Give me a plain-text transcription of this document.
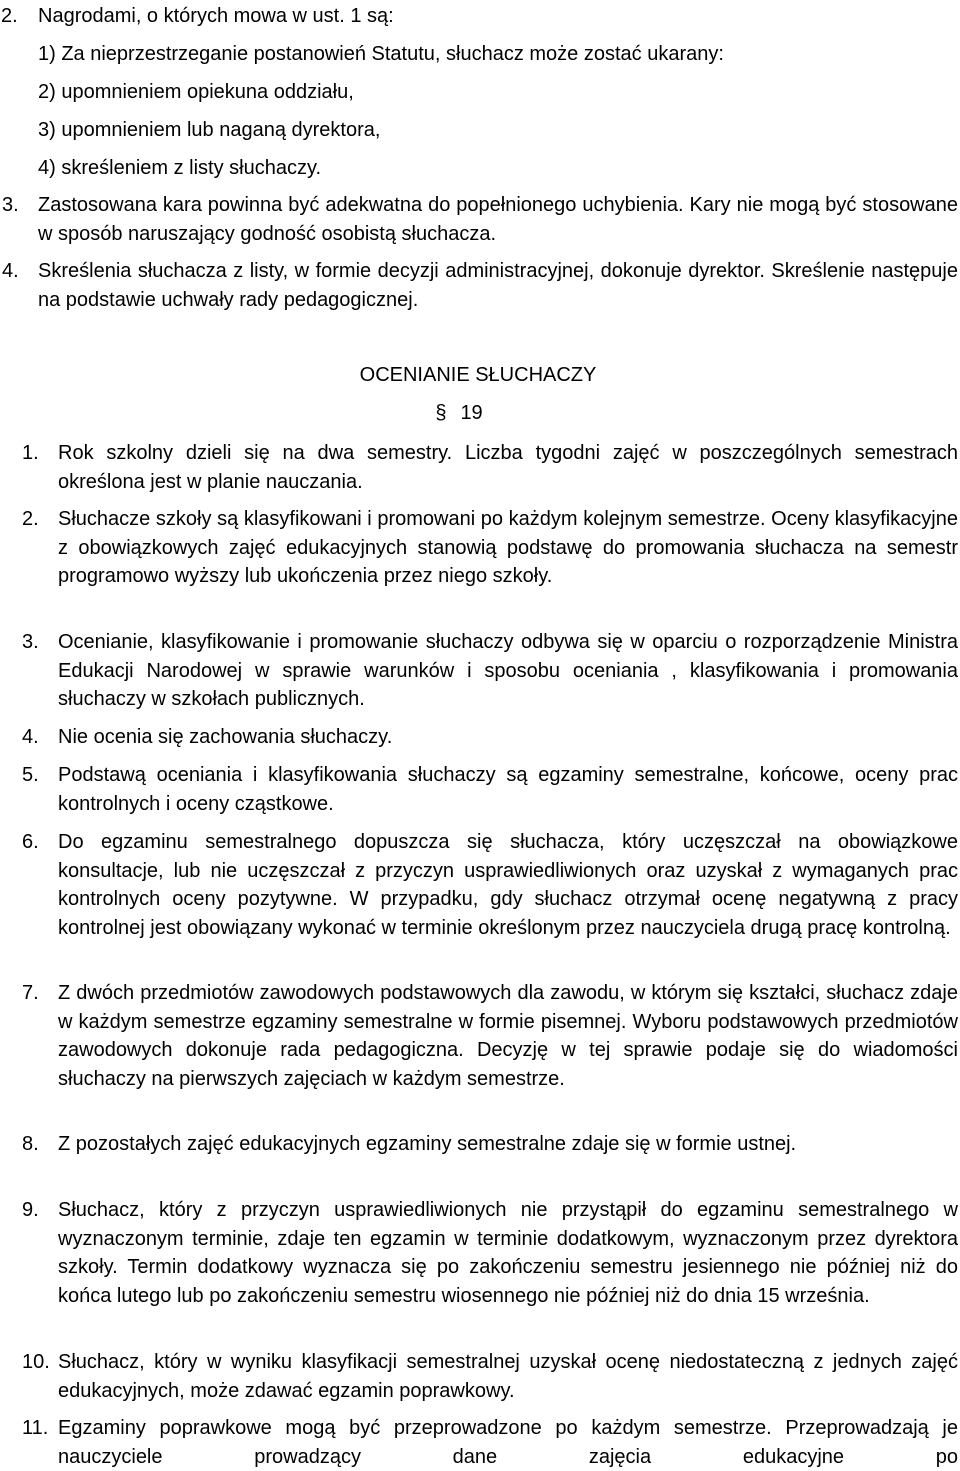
2.	Nagrodami, o których mowa w ust. 1 są:
1) Za nieprzestrzeganie postanowień Statutu, słuchacz może zostać ukarany:
2) upomnieniem opiekuna oddziału,
3) upomnieniem lub naganą dyrektora,
4) skreśleniem z listy słuchaczy.
3. Zastosowana kara powinna być adekwatna do popełnionego uchybienia. Kary nie mogą być stosowane w sposób naruszający godność osobistą słuchacza.
4. Skreślenia słuchacza z listy, w formie decyzji administracyjnej, dokonuje dyrektor. Skreślenie następuje na podstawie uchwały rady pedagogicznej.
OCENIANIE SŁUCHACZY
§ 19
1. Rok szkolny dzieli się na dwa semestry. Liczba tygodni zajęć w poszczególnych semestrach określona jest w planie nauczania.
2. Słuchacze szkoły są klasyfikowani i promowani po każdym kolejnym semestrze. Oceny klasyfikacyjne z obowiązkowych zajęć edukacyjnych stanowią podstawę do promowania słuchacza na semestr programowo wyższy lub ukończenia przez niego szkoły.
3. Ocenianie, klasyfikowanie i promowanie słuchaczy odbywa się w oparciu o rozporządzenie Ministra Edukacji Narodowej w sprawie warunków i sposobu oceniania , klasyfikowania i promowania słuchaczy w szkołach publicznych.
4. Nie ocenia się zachowania słuchaczy.
5. Podstawą oceniania i klasyfikowania słuchaczy są egzaminy semestralne, końcowe, oceny prac kontrolnych i oceny cząstkowe.
6. Do egzaminu semestralnego dopuszcza się słuchacza, który uczęszczał na obowiązkowe konsultacje, lub nie uczęszczał z przyczyn usprawiedliwionych oraz uzyskał z wymaganych prac kontrolnych oceny pozytywne. W przypadku, gdy słuchacz otrzymał ocenę negatywną z pracy kontrolnej jest obowiązany wykonać w terminie określonym przez nauczyciela drugą pracę kontrolną.
7. Z dwóch przedmiotów zawodowych podstawowych dla zawodu, w którym się kształci, słuchacz zdaje w każdym semestrze egzaminy semestralne w formie pisemnej. Wyboru podstawowych przedmiotów zawodowych dokonuje rada pedagogiczna. Decyzję w tej sprawie podaje się do wiadomości słuchaczy na pierwszych zajęciach w każdym semestrze.
8. Z pozostałych zajęć edukacyjnych egzaminy semestralne zdaje się w formie ustnej.
9. Słuchacz, który z przyczyn usprawiedliwionych nie przystąpił do egzaminu semestralnego w wyznaczonym terminie, zdaje ten egzamin w terminie dodatkowym, wyznaczonym przez dyrektora szkoły. Termin dodatkowy wyznacza się po zakończeniu semestru jesiennego nie później niż do końca lutego lub po zakończeniu semestru wiosennego nie później niż do dnia 15 września.
10. Słuchacz, który w wyniku klasyfikacji semestralnej uzyskał ocenę niedostateczną z jednych zajęć edukacyjnych, może zdawać egzamin poprawkowy.
11. Egzaminy poprawkowe mogą być przeprowadzone po każdym semestrze. Przeprowadzają je nauczyciele prowadzący dane zajęcia edukacyjne po
